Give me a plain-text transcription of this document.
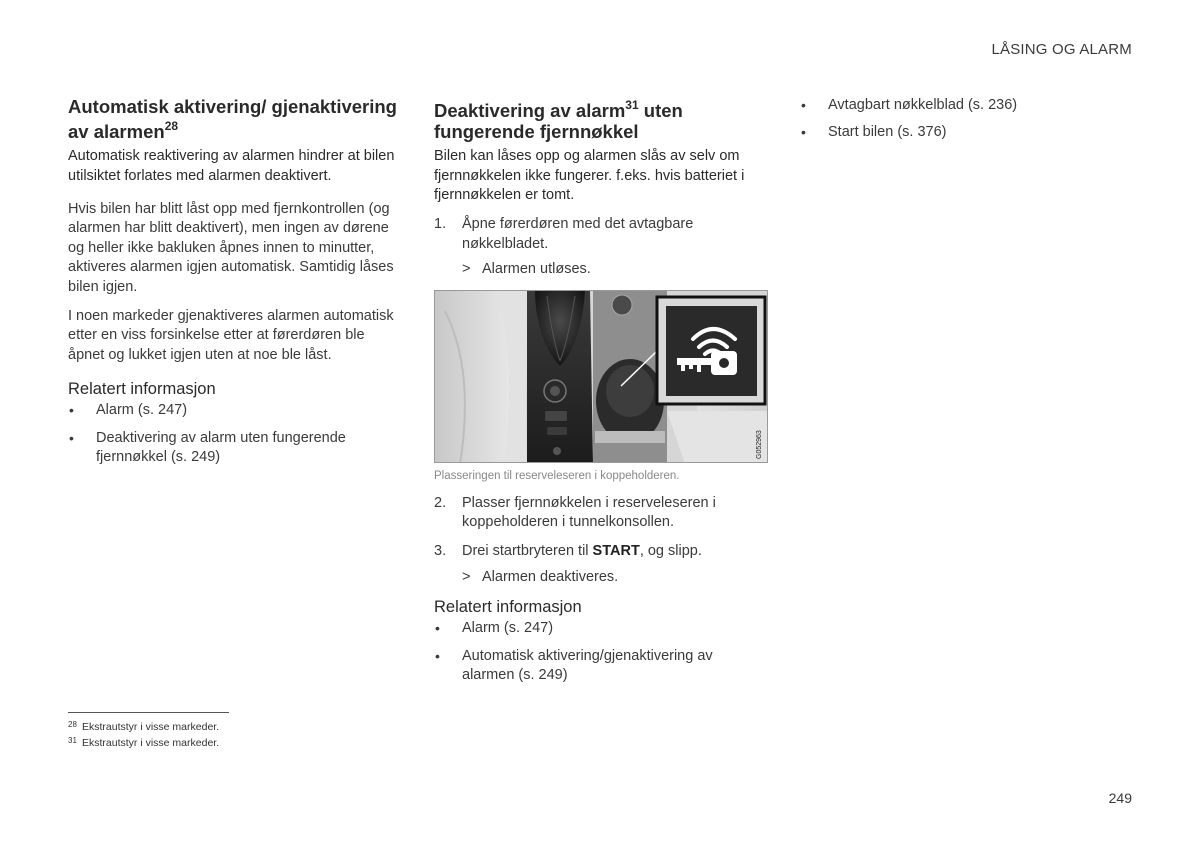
LÅSING OG ALARM
Automatisk aktivering/ gjenaktivering av alarmen$^{28}$

Automatisk reaktivering av alarmen hindrer at bilen utilsiktet forlates med alarmen deaktivert.

Hvis bilen har blitt låst opp med fjernkontrollen (og alarmen har blitt deaktivert), men ingen av dørene og heller ikke bakluken åpnes innen to minutter, aktiveres alarmen igjen automatisk. Samtidig låses bilen igjen.

I noen markeder gjenaktiveres alarmen automatisk etter en viss forsinkelse etter at førerdøren ble åpnet og lukket igjen uten at noe ble låst.

Relatert informasjon
• Alarm (s. 247)
• Deaktivering av alarm uten fungerende fjernnøkkel (s. 249)
Deaktivering av alarm$^{31}$ uten fungerende fjernnøkkel

Bilen kan låses opp og alarmen slås av selv om fjernnøkkelen ikke fungerer. f.eks. hvis batteriet i fjernnøkkelen er tomt.

1. Åpne førerdøren med det avtagbare nøkkelbladet.
> Alarmen utløses.
G052963
Plasseringen til reserveleseren i koppeholderen.
2. Plasser fjernnøkkelen i reserveleseren i koppeholderen i tunnelkonsollen.
3. Drei startbryteren til START, og slipp.
> Alarmen deaktiveres.
Relatert informasjon
• Alarm (s. 247)
• Automatisk aktivering/gjenaktivering av alarmen (s. 249)
• Avtagbart nøkkelblad (s. 236)
• Start bilen (s. 376)
$^{28}$ Ekstrautstyr i visse markeder.
$^{31}$ Ekstrautstyr i visse markeder.
249
